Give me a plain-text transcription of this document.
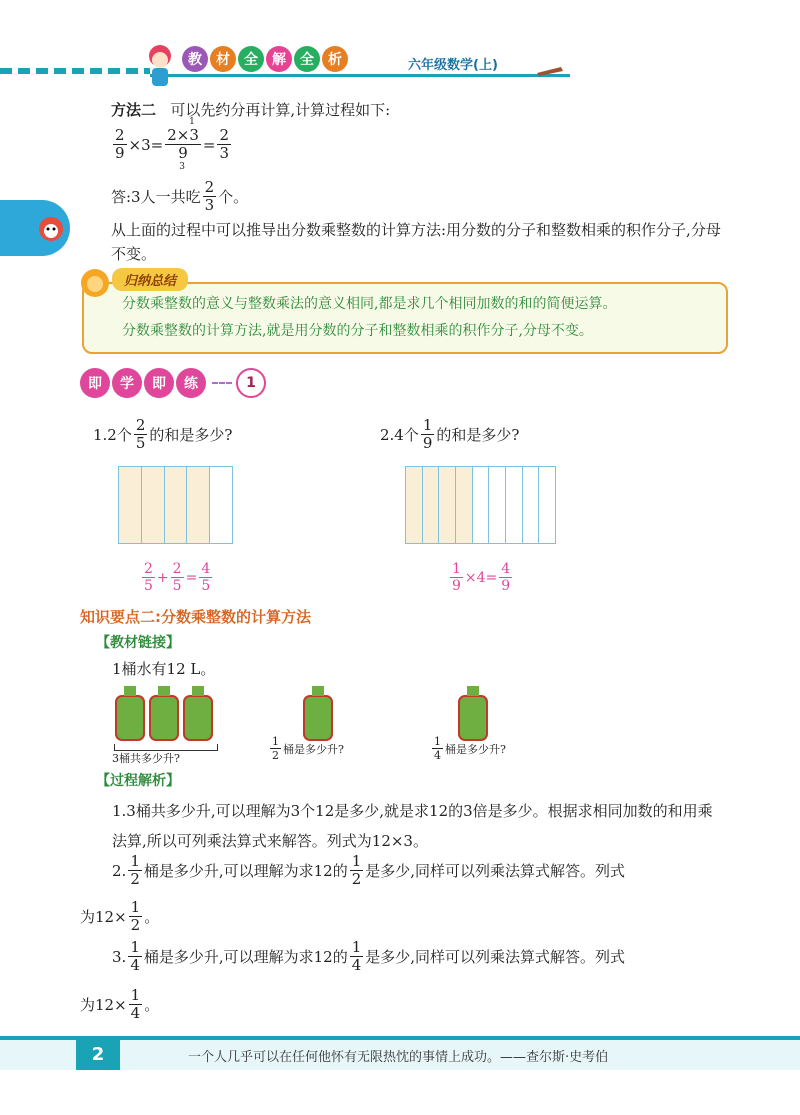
教	材	全	解	全	析	六年级数学(上)
方法二 可以先约分再计算,计算过程如下:
$\frac{2}{9} \times 3=$
2×3
9
1
3
= $\frac{2}{3}$
答:3人一共吃 $\frac{2}{3}$ 个。
从上面的过程中可以推导出分数乘整数的计算方法:用分数的分子和整数相乘的积作分子,分母不变。
归纳总结
分数乘整数的意义与整数乘法的意义相同,都是求几个相同加数的和的简便运算。
分数乘整数的计算方法,就是用分数的分子和整数相乘的积作分子,分母不变。
即	学	即	练	1
1.2个 $\frac{2}{5}$ 的和是多少?	2.4个 $\frac{1}{9}$ 的和是多少?
$\frac{2}{5} + \frac{2}{5} = \frac{4}{5}$	$\frac{1}{9} \times 4= \frac{4}{9}$
知识要点二:分数乘整数的计算方法
【教材链接】
1桶水有12 L。
3桶共多少升?	$\frac{1}{2}$ 桶是多少升?	$\frac{1}{4}$ 桶是多少升?
【过程解析】
1.3桶共多少升,可以理解为3个12是多少,就是求12的3倍是多少。根据求相同加数的和用乘法算,所以可列乘法算式来解答。列式为12×3。
2. $\frac{1}{2}$ 桶是多少升,可以理解为求12的 $\frac{1}{2}$ 是多少,同样可以列乘法算式解答。列式
为$12\times \frac{1}{2}$ 。
3. $\frac{1}{4}$ 桶是多少升,可以理解为求12的 $\frac{1}{4}$ 是多少,同样可以列乘法算式解答。列式
为$12\times \frac{1}{4}$ 。
2	一个人几乎可以在任何他怀有无限热忱的事情上成功。——查尔斯·史考伯
